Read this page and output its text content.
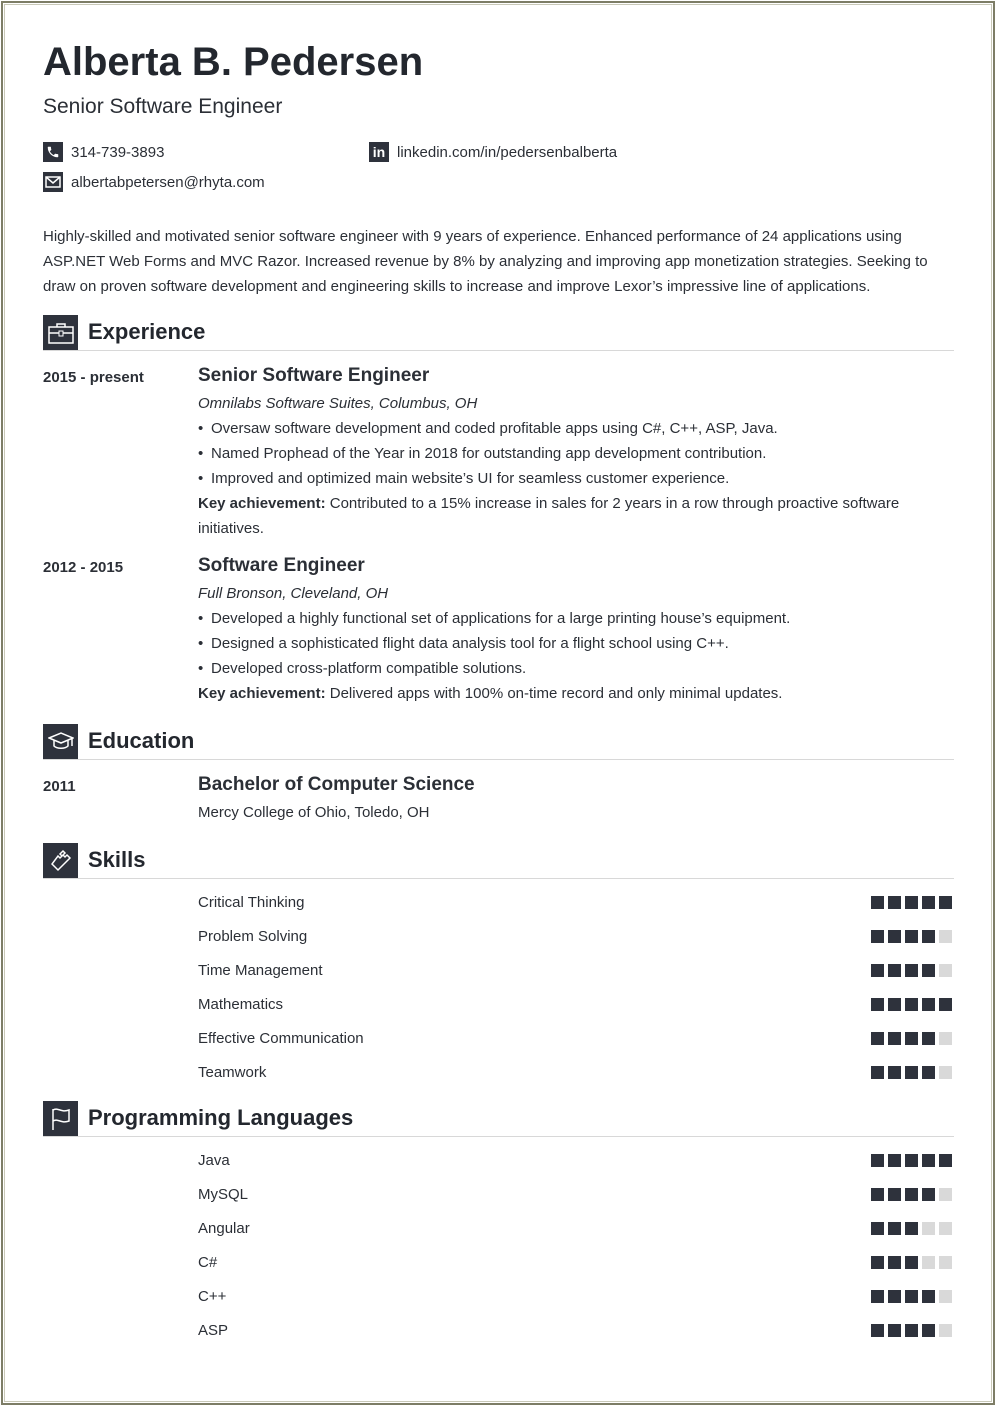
Alberta B. Pedersen
Senior Software Engineer
314-739-3893	in linkedin.com/in/pedersenbalberta
albertabpetersen@rhyta.com
Highly-skilled and motivated senior software engineer with 9 years of experience. Enhanced performance of 24 applications using ASP.NET Web Forms and MVC Razor. Increased revenue by 8% by analyzing and improving app monetization strategies. Seeking to draw on proven software development and engineering skills to increase and improve Lexor’s impressive line of applications.
Experience
2015 - present	Senior Software Engineer
Omnilabs Software Suites, Columbus, OH
• Oversaw software development and coded profitable apps using C#, C++, ASP, Java.
• Named Prophead of the Year in 2018 for outstanding app development contribution.
• Improved and optimized main website’s UI for seamless customer experience.
Key achievement: Contributed to a 15% increase in sales for 2 years in a row through proactive software initiatives.
2012 - 2015	Software Engineer
Full Bronson, Cleveland, OH
• Developed a highly functional set of applications for a large printing house’s equipment.
• Designed a sophisticated flight data analysis tool for a flight school using C++.
• Developed cross-platform compatible solutions.
Key achievement: Delivered apps with 100% on-time record and only minimal updates.
Education
2011	Bachelor of Computer Science
Mercy College of Ohio, Toledo, OH
Skills
Critical Thinking
Problem Solving
Time Management
Mathematics
Effective Communication
Teamwork
Programming Languages
Java
MySQL
Angular
C#
C++
ASP
